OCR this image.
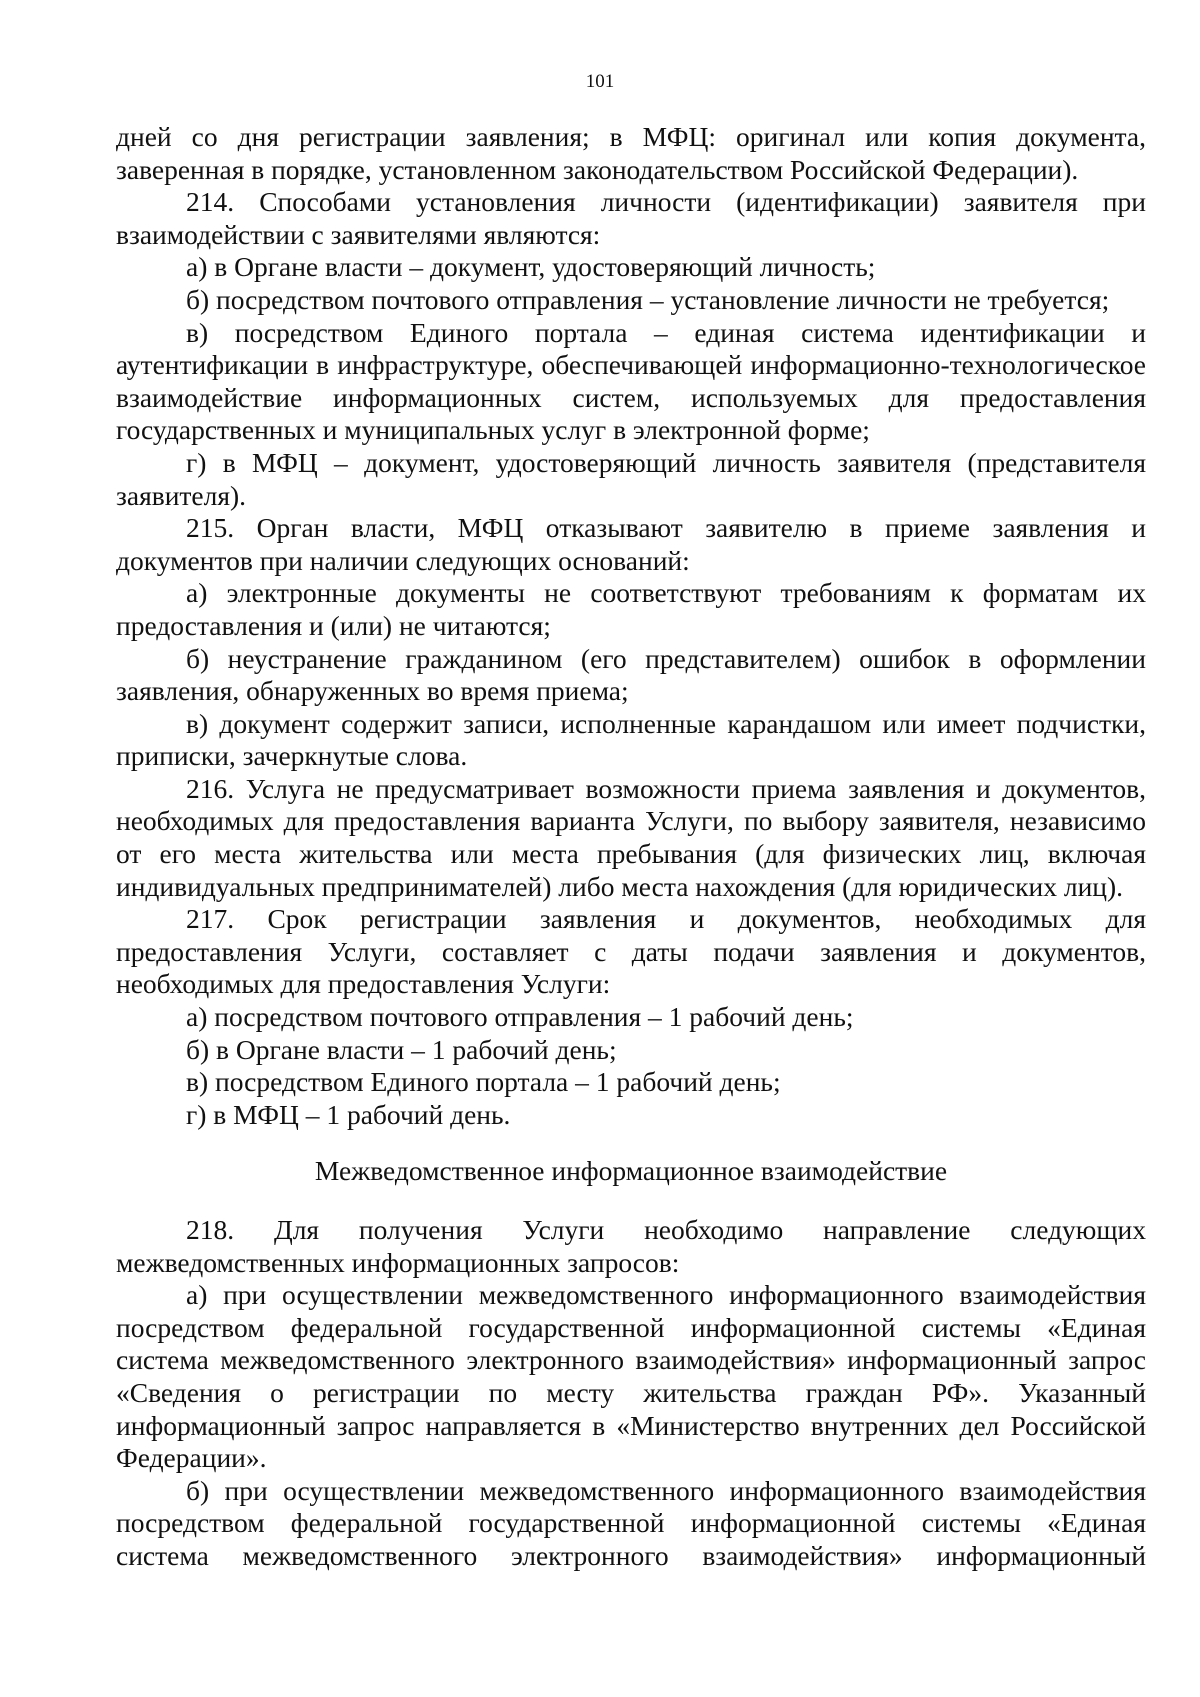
101

дней со дня регистрации заявления; в МФЦ: оригинал или копия документа, заверенная в порядке, установленном законодательством Российской Федерации).

214. Способами установления личности (идентификации) заявителя при взаимодействии с заявителями являются:

а) в Органе власти – документ, удостоверяющий личность;

б) посредством почтового отправления – установление личности не требуется;

в) посредством Единого портала – единая система идентификации и аутентификации в инфраструктуре, обеспечивающей информационно-технологическое взаимодействие информационных систем, используемых для предоставления государственных и муниципальных услуг в электронной форме;

г) в МФЦ – документ, удостоверяющий личность заявителя (представителя заявителя).

215. Орган власти, МФЦ отказывают заявителю в приеме заявления и документов при наличии следующих оснований:

а) электронные документы не соответствуют требованиям к форматам их предоставления и (или) не читаются;

б) неустранение гражданином (его представителем) ошибок в оформлении заявления, обнаруженных во время приема;

в) документ содержит записи, исполненные карандашом или имеет подчистки, приписки, зачеркнутые слова.

216. Услуга не предусматривает возможности приема заявления и документов, необходимых для предоставления варианта Услуги, по выбору заявителя, независимо от его места жительства или места пребывания (для физических лиц, включая индивидуальных предпринимателей) либо места нахождения (для юридических лиц).

217. Срок регистрации заявления и документов, необходимых для предоставления Услуги, составляет с даты подачи заявления и документов, необходимых для предоставления Услуги:

а) посредством почтового отправления – 1 рабочий день;

б) в Органе власти – 1 рабочий день;

в) посредством Единого портала – 1 рабочий день;

г) в МФЦ – 1 рабочий день.

Межведомственное информационное взаимодействие

218. Для получения Услуги необходимо направление следующих межведомственных информационных запросов:

а) при осуществлении межведомственного информационного взаимодействия посредством федеральной государственной информационной системы «Единая система межведомственного электронного взаимодействия» информационный запрос «Сведения о регистрации по месту жительства граждан РФ». Указанный информационный запрос направляется в «Министерство внутренних дел Российской Федерации».

б) при осуществлении межведомственного информационного взаимодействия посредством федеральной государственной информационной системы «Единая система межведомственного электронного взаимодействия» информационный
